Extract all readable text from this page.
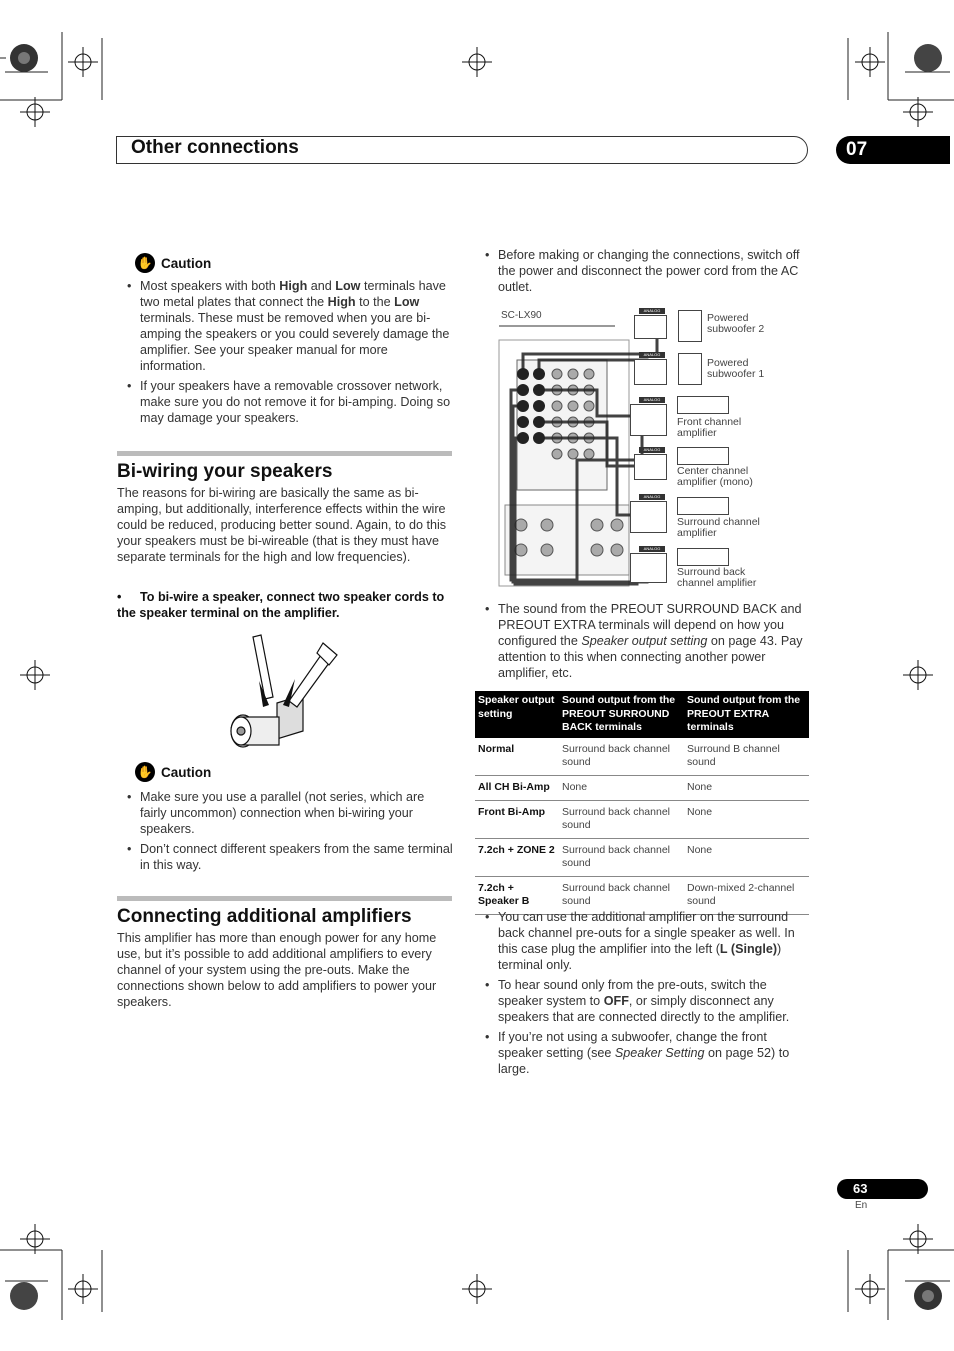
Other connections	07
✋ Caution
• Most speakers with both High and Low terminals have two metal plates that connect the High to the Low terminals. These must be removed when you are bi-amping the speakers or you could severely damage the amplifier. See your speaker manual for more information.
• If your speakers have a removable crossover network, make sure you do not remove it for bi-amping. Doing so may damage your speakers.
Bi-wiring your speakers
The reasons for bi-wiring are basically the same as bi-amping, but additionally, interference effects within the wire could be reduced, producing better sound. Again, to do this your speakers must be bi-wireable (that is they must have separate terminals for the high and low frequencies).
•	To bi-wire a speaker, connect two speaker cords to the speaker terminal on the amplifier.
✋ Caution
• Make sure you use a parallel (not series, which are fairly uncommon) connection when bi-wiring your speakers.
• Don’t connect different speakers from the same terminal in this way.
Connecting additional amplifiers
This amplifier has more than enough power for any home use, but it’s possible to add additional amplifiers to every channel of your system using the pre-outs. Make the connections shown below to add amplifiers to power your speakers.
• Before making or changing the connections, switch off the power and disconnect the power cord from the AC outlet.
SC-LX90	ANALOG
ANALOG
ANALOG
ANALOG
ANALOG
ANALOG
Powered subwoofer 2
Powered subwoofer 1
Front channel amplifier
Center channel amplifier (mono)
Surround channel amplifier
Surround back channel amplifier
• The sound from the PREOUT SURROUND BACK and PREOUT EXTRA terminals will depend on how you configured the Speaker output setting on page 43. Pay attention to this when connecting another power amplifier, etc.
Speaker output setting	Sound output from the PREOUT SURROUND BACK terminals	Sound output from the PREOUT EXTRA terminals
Normal	Surround back channel sound	Surround B channel sound
All CH Bi-Amp	None	None
Front Bi-Amp	Surround back channel sound	None
7.2ch + ZONE 2	Surround back channel sound	None
7.2ch + Speaker B	Surround back channel sound	Down-mixed 2-channel sound
• You can use the additional amplifier on the surround back channel pre-outs for a single speaker as well. In this case plug the amplifier into the left (L (Single)) terminal only.
• To hear sound only from the pre-outs, switch the speaker system to OFF, or simply disconnect any speakers that are connected directly to the amplifier.
• If you’re not using a subwoofer, change the front speaker setting (see Speaker Setting on page 52) to large.
63
En
